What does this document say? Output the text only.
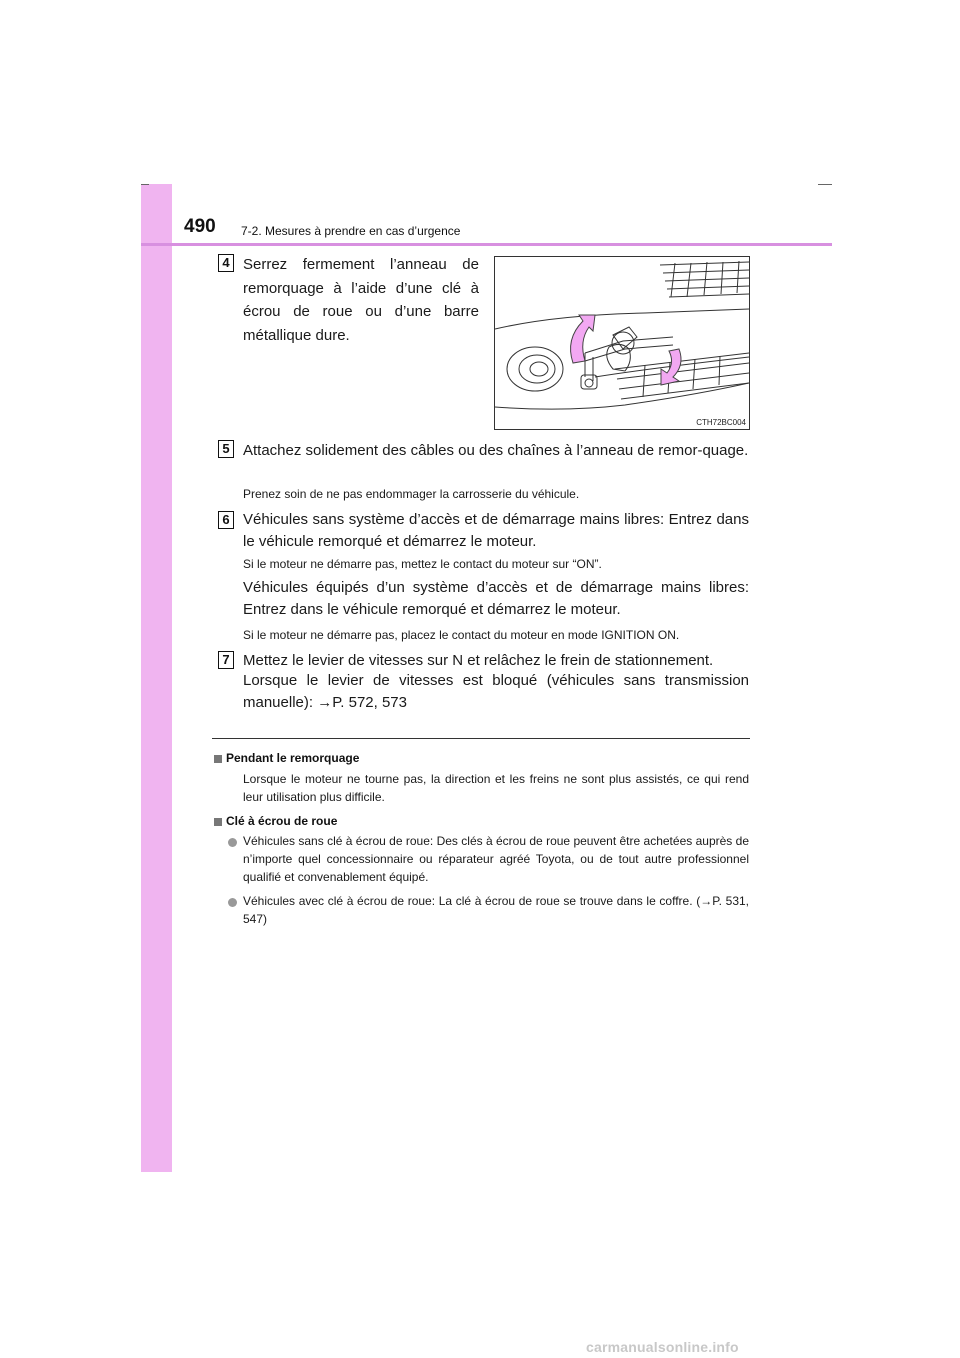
490 7-2. Mesures à prendre en cas d’urgence
4 Serrez fermement l’anneau de remorquage à l’aide d’une clé à écrou de roue ou d’une barre métallique dure.
CTH72BC004
5 Attachez solidement des câbles ou des chaînes à l’anneau de remor-quage.
Prenez soin de ne pas endommager la carrosserie du véhicule.
6 Véhicules sans système d’accès et de démarrage mains libres: Entrez dans le véhicule remorqué et démarrez le moteur.
Si le moteur ne démarre pas, mettez le contact du moteur sur “ON”.
Véhicules équipés d’un système d’accès et de démarrage mains libres: Entrez dans le véhicule remorqué et démarrez le moteur.
Si le moteur ne démarre pas, placez le contact du moteur en mode IGNITION ON.
7 Mettez le levier de vitesses sur N et relâchez le frein de stationnement.
Lorsque le levier de vitesses est bloqué (véhicules sans transmission manuelle): →P. 572, 573
Pendant le remorquage
Lorsque le moteur ne tourne pas, la direction et les freins ne sont plus assistés, ce qui rend leur utilisation plus difficile.
Clé à écrou de roue
Véhicules sans clé à écrou de roue: Des clés à écrou de roue peuvent être achetées auprès de n’importe quel concessionnaire ou réparateur agréé Toyota, ou de tout autre professionnel qualifié et convenablement équipé.
Véhicules avec clé à écrou de roue: La clé à écrou de roue se trouve dans le coffre. (→P. 531, 547)
carmanualsonline.info
